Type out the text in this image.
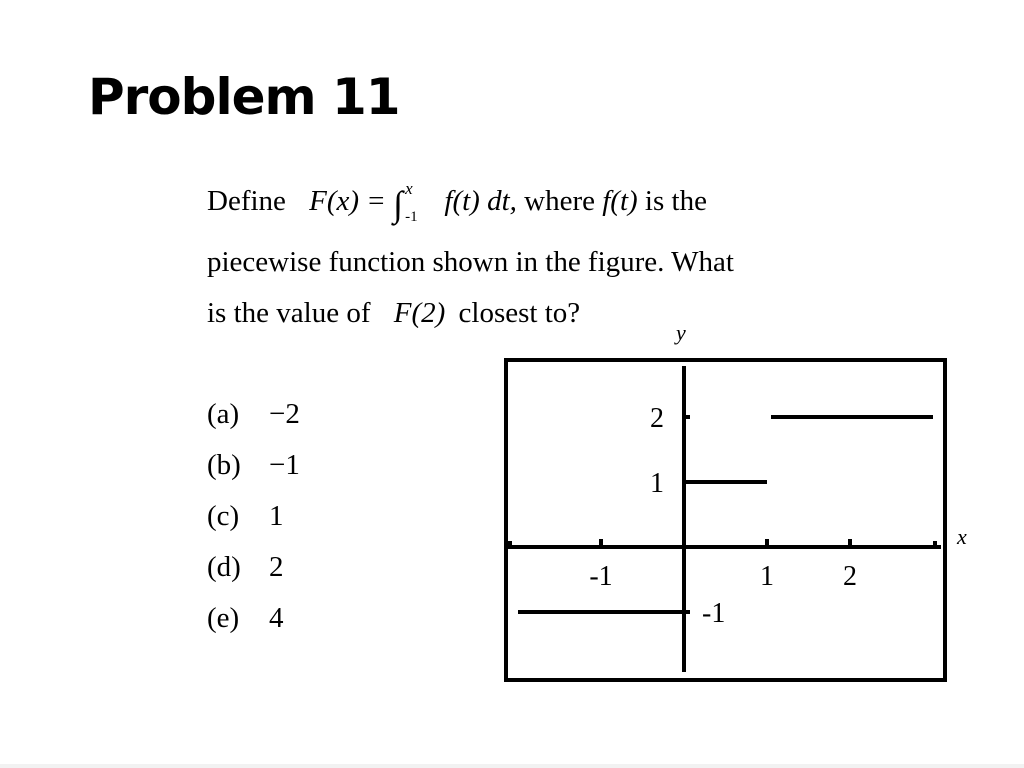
Problem 11
Define F(x) = ∫ x
-1 f(t) dt, where f(t) is the
piecewise function shown in the figure. What
is the value of F(2) closest to?
(a) −2
(b) −1
(c) 1
(d) 2
(e) 4
-1	1 2
1
2
-1
x
y
